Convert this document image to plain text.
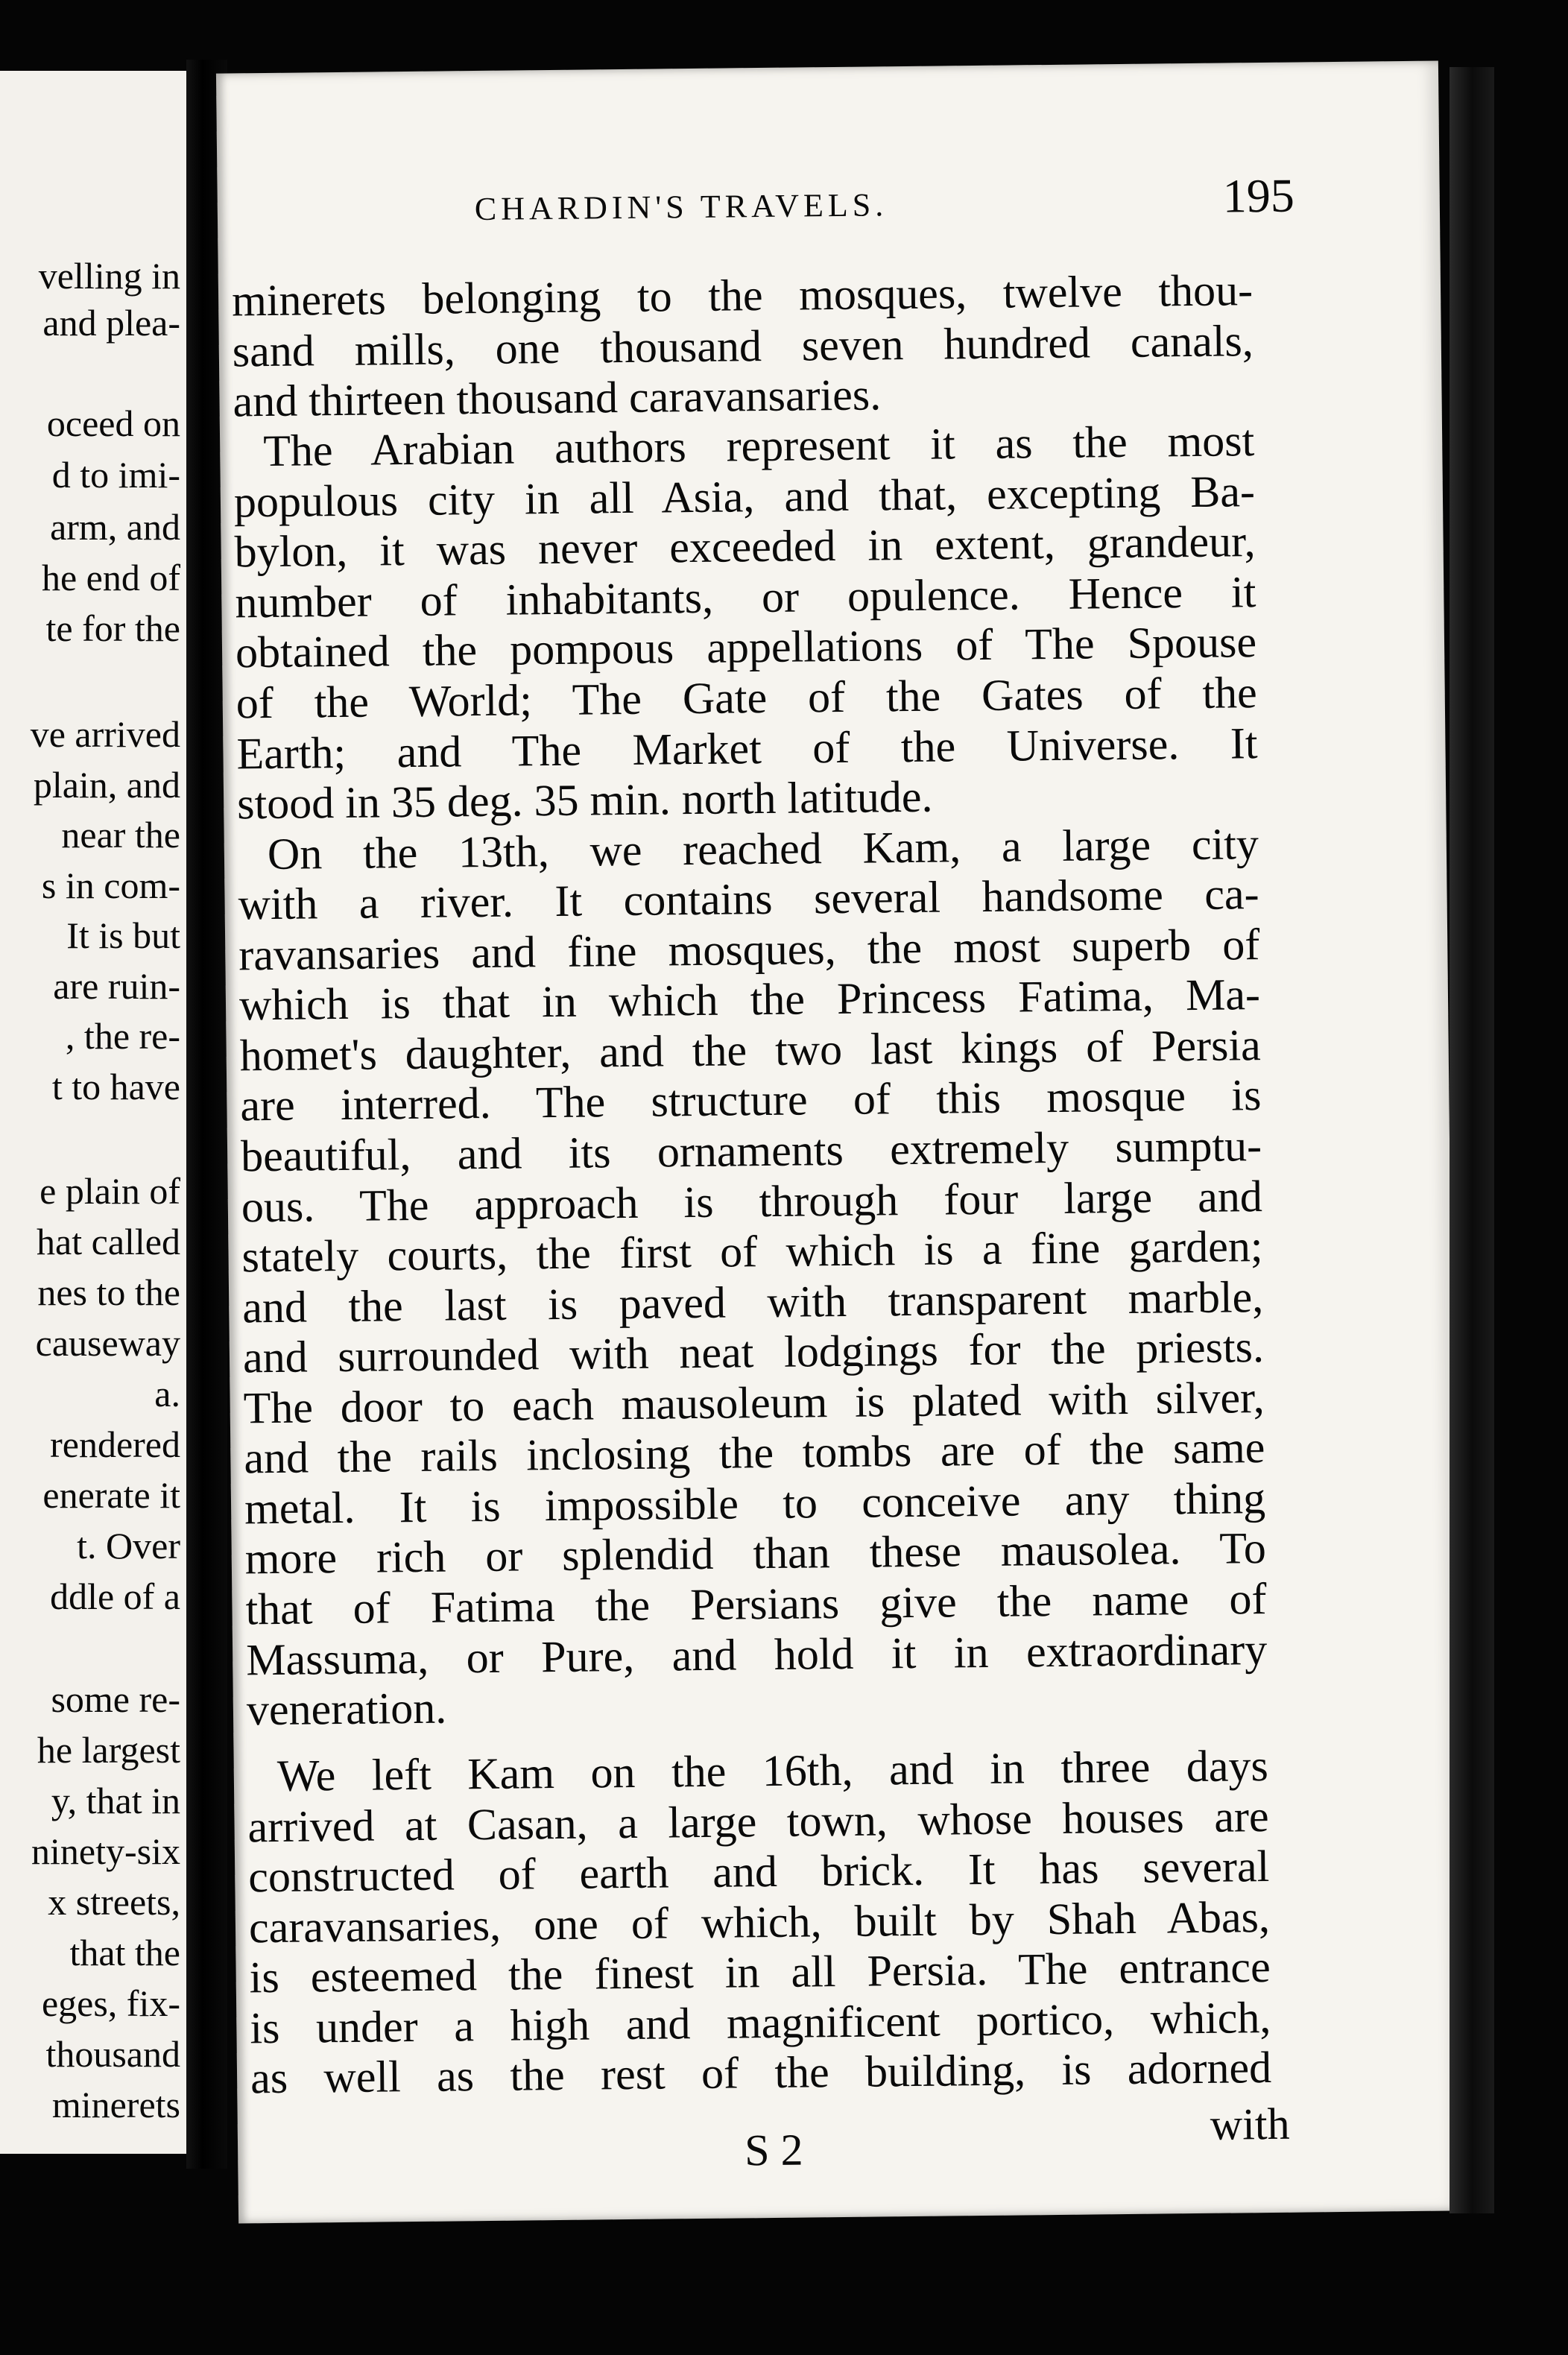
velling in
and plea-
oceed on
d to imi-
arm, and
he end of
te for the
ve arrived
plain, and
near the
s in com-
It is but
are ruin-
, the re-
t to have
e plain of
hat called
nes to the
causeway
a.
rendered
enerate it
t. Over
ddle of a
some re-
he largest
y, that in
ninety-six
x streets,
that the
eges, fix-
thousand
minerets
CHARDIN'S TRAVELS.	195
minerets belonging to the mosques, twelve thou-
sand mills, one thousand seven hundred canals,
and thirteen thousand caravansaries.
The Arabian authors represent it as the most
populous city in all Asia, and that, excepting Ba-
bylon, it was never exceeded in extent, grandeur,
number of inhabitants, or opulence. Hence it
obtained the pompous appellations of The Spouse
of the World; The Gate of the Gates of the
Earth; and The Market of the Universe. It
stood in 35 deg. 35 min. north latitude.
On the 13th, we reached Kam, a large city
with a river. It contains several handsome ca-
ravansaries and fine mosques, the most superb of
which is that in which the Princess Fatima, Ma-
homet's daughter, and the two last kings of Persia
are interred. The structure of this mosque is
beautiful, and its ornaments extremely sumptu-
ous. The approach is through four large and
stately courts, the first of which is a fine garden;
and the last is paved with transparent marble,
and surrounded with neat lodgings for the priests.
The door to each mausoleum is plated with silver,
and the rails inclosing the tombs are of the same
metal. It is impossible to conceive any thing
more rich or splendid than these mausolea. To
that of Fatima the Persians give the name of
Massuma, or Pure, and hold it in extraordinary
veneration.
We left Kam on the 16th, and in three days
arrived at Casan, a large town, whose houses are
constructed of earth and brick. It has several
caravansaries, one of which, built by Shah Abas,
is esteemed the finest in all Persia. The entrance
is under a high and magnificent portico, which,
as well as the rest of the building, is adorned
S 2
with
